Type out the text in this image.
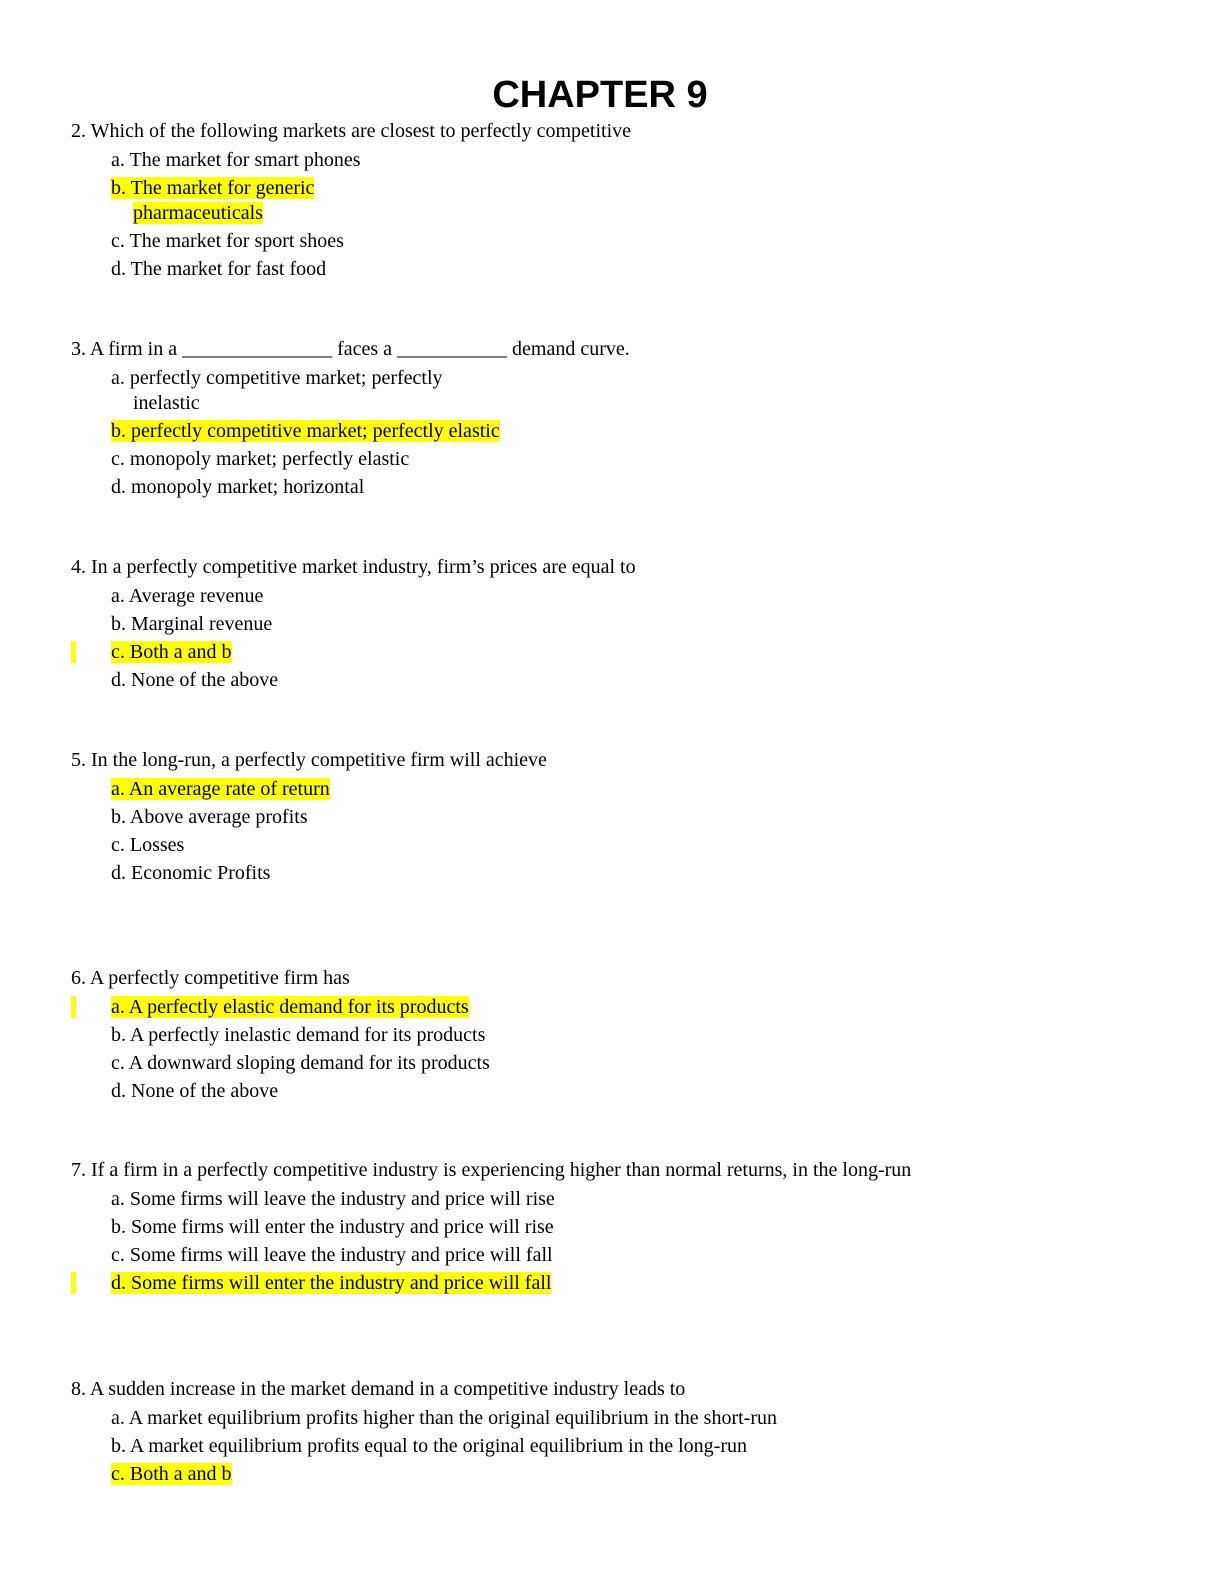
CHAPTER 9
2. Which of the following markets are closest to perfectly competitive
a. The market for smart phones
b. The market for generic pharmaceuticals
c. The market for sport shoes
d. The market for fast food
3. A firm in a _______________ faces a ___________ demand curve.
a. perfectly competitive market; perfectly inelastic
b. perfectly competitive market; perfectly elastic
c. monopoly market; perfectly elastic
d. monopoly market; horizontal
4. In a perfectly competitive market industry, firm’s prices are equal to
a. Average revenue
b. Marginal revenue
c. Both a and b
d. None of the above
5. In the long-run, a perfectly competitive firm will achieve
a. An average rate of return
b. Above average profits
c. Losses
d. Economic Profits
6. A perfectly competitive firm has
a. A perfectly elastic demand for its products
b. A perfectly inelastic demand for its products
c. A downward sloping demand for its products
d. None of the above
7. If a firm in a perfectly competitive industry is experiencing higher than normal returns, in the long-run
a. Some firms will leave the industry and price will rise
b. Some firms will enter the industry and price will rise
c. Some firms will leave the industry and price will fall
d. Some firms will enter the industry and price will fall
8. A sudden increase in the market demand in a competitive industry leads to
a. A market equilibrium profits higher than the original equilibrium in the short-run
b. A market equilibrium profits equal to the original equilibrium in the long-run
c. Both a and b
